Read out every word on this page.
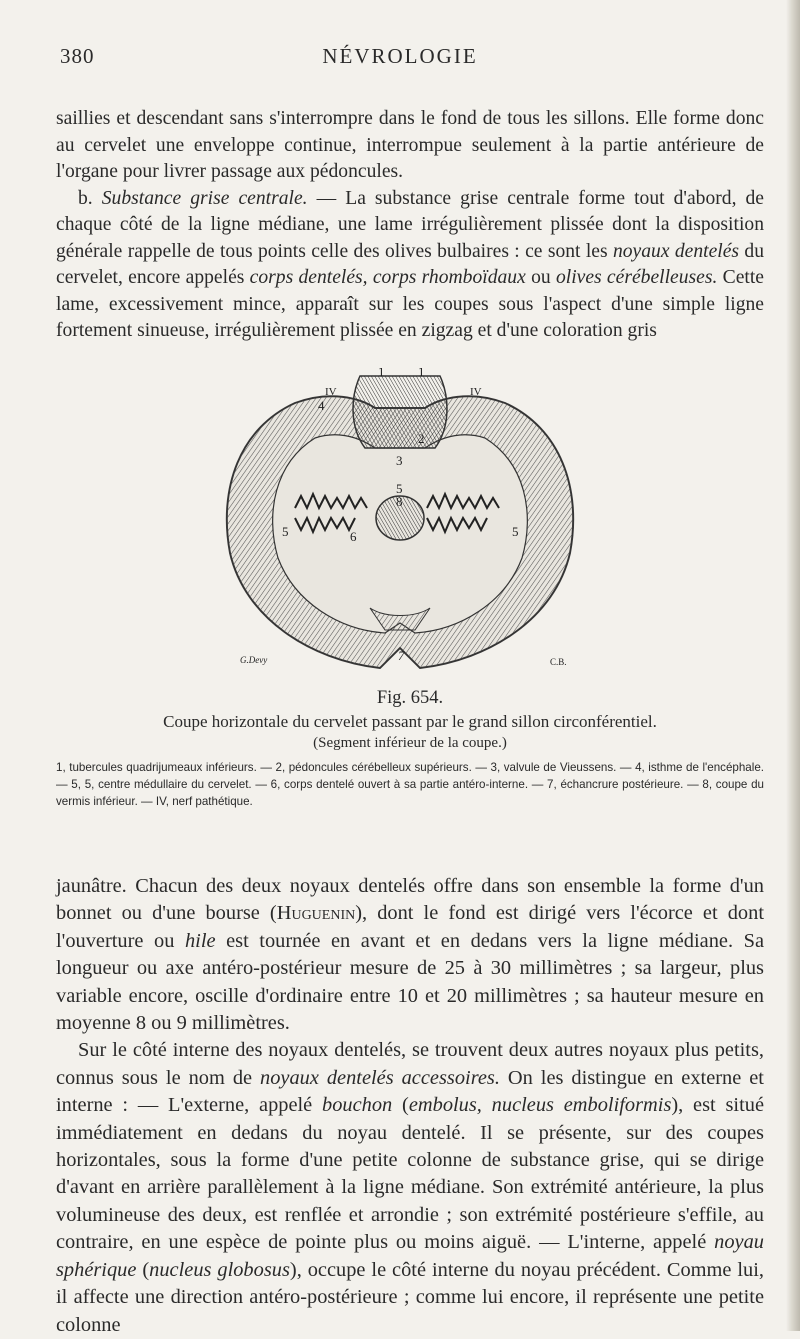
380	NÉVROLOGIE

saillies et descendant sans s'interrompre dans le fond de tous les sillons. Elle forme donc au cervelet une enveloppe continue, interrompue seulement à la partie antérieure de l'organe pour livrer passage aux pédoncules.

b. Substance grise centrale. — La substance grise centrale forme tout d'abord, de chaque côté de la ligne médiane, une lame irrégulièrement plissée dont la disposition générale rappelle de tous points celle des olives bulbaires : ce sont les noyaux dentelés du cervelet, encore appelés corps dentelés, corps rhomboïdaux ou olives cérébelleuses. Cette lame, excessivement mince, apparaît sur les coupes sous l'aspect d'une simple ligne fortement sinueuse, irrégulièrement plissée en zigzag et d'une coloration gris

1	1
IV
4
IV
2
3
8
5
5
6	5
7
G.Devy	C.B.
Fig. 654.
Coupe horizontale du cervelet passant par le grand sillon circonférentiel.
(Segment inférieur de la coupe.)

1, tubercules quadrijumeaux inférieurs. — 2, pédoncules cérébelleux supérieurs. — 3, valvule de Vieussens. — 4, isthme de l'encéphale. — 5, 5, centre médullaire du cervelet. — 6, corps dentelé ouvert à sa partie antéro-interne. — 7, échancrure postérieure. — 8, coupe du vermis inférieur. — IV, nerf pathétique.

jaunâtre. Chacun des deux noyaux dentelés offre dans son ensemble la forme d'un bonnet ou d'une bourse (Huguenin), dont le fond est dirigé vers l'écorce et dont l'ouverture ou hile est tournée en avant et en dedans vers la ligne médiane. Sa longueur ou axe antéro-postérieur mesure de 25 à 30 millimètres ; sa largeur, plus variable encore, oscille d'ordinaire entre 10 et 20 millimètres ; sa hauteur mesure en moyenne 8 ou 9 millimètres.

Sur le côté interne des noyaux dentelés, se trouvent deux autres noyaux plus petits, connus sous le nom de noyaux dentelés accessoires. On les distingue en externe et interne : — L'externe, appelé bouchon (embolus, nucleus emboliformis), est situé immédiatement en dedans du noyau dentelé. Il se présente, sur des coupes horizontales, sous la forme d'une petite colonne de substance grise, qui se dirige d'avant en arrière parallèlement à la ligne médiane. Son extrémité antérieure, la plus volumineuse des deux, est renflée et arrondie ; son extrémité postérieure s'effile, au contraire, en une espèce de pointe plus ou moins aiguë. — L'interne, appelé noyau sphérique (nucleus globosus), occupe le côté interne du noyau précédent. Comme lui, il affecte une direction antéro-postérieure ; comme lui encore, il représente une petite colonne
